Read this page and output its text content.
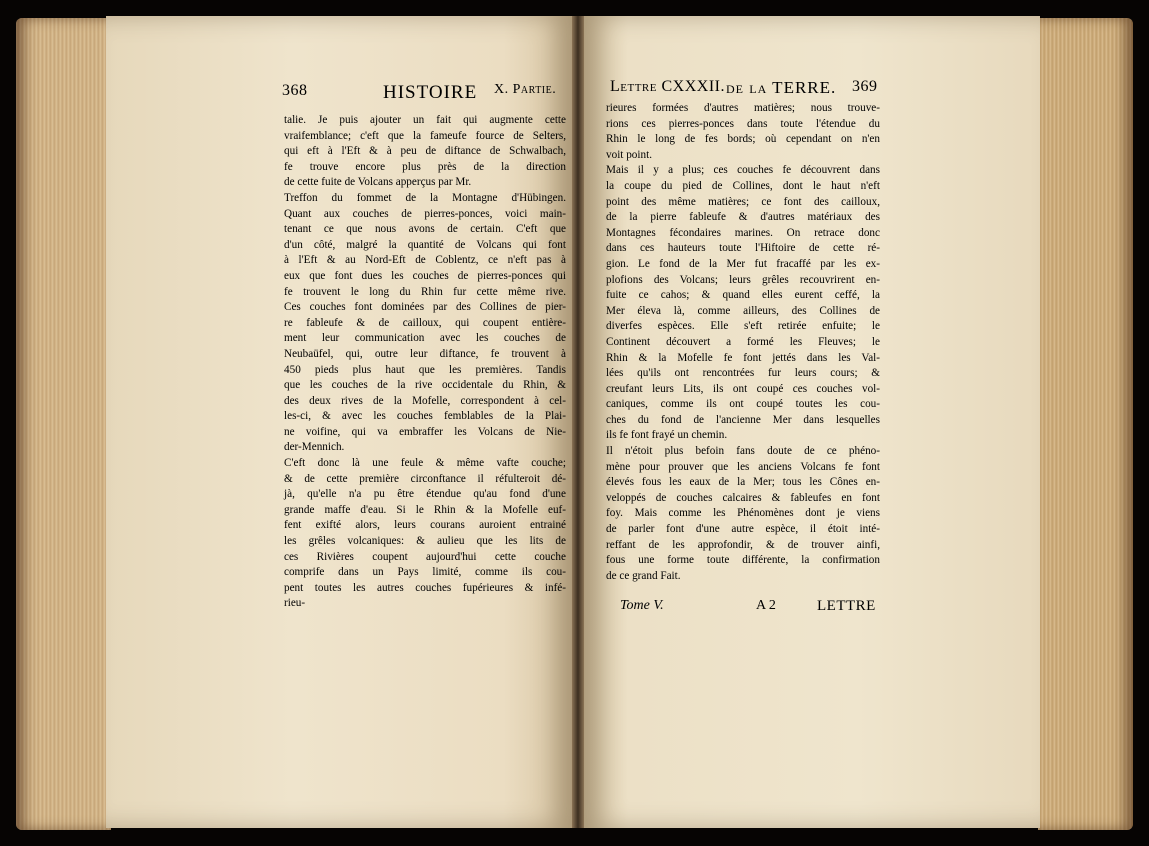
368	HISTOIRE X. Partie.

talie. Je puis ajouter un fait qui augmente cette

vraifemblance; c'eft que la fameufe fource de Selters,

qui eft à l'Eft & à peu de diftance de Schwalbach,

fe trouve encore plus près de la direction

de cette fuite de Volcans apperçus par Mr.

Treffon du fommet de la Montagne d'Hübingen.

Quant aux couches de pierres-ponces, voici main-

tenant ce que nous avons de certain. C'eft que

d'un côté, malgré la quantité de Volcans qui font

à l'Eft & au Nord-Eft de Coblentz, ce n'eft pas à

eux que font dues les couches de pierres-ponces qui

fe trouvent le long du Rhin fur cette même rive.

Ces couches font dominées par des Collines de pier-

re fableufe & de cailloux, qui coupent entière-

ment leur communication avec les couches de

Neubaüfel, qui, outre leur diftance, fe trouvent à

450 pieds plus haut que les premières. Tandis

que les couches de la rive occidentale du Rhin, &

des deux rives de la Mofelle, correspondent à cel-

les-ci, & avec les couches femblables de la Plai-

ne voifine, qui va embraffer les Volcans de Nie-

der-Mennich.

C'eft donc là une feule & même vafte couche;

& de cette première circonftance il réfulteroit dé-

jà, qu'elle n'a pu être étendue qu'au fond d'une

grande maffe d'eau. Si le Rhin & la Mofelle euf-

fent exifté alors, leurs courans auroient entrainé

les grêles volcaniques: & aulieu que les lits de

ces Rivières coupent aujourd'hui cette couche

comprife dans un Pays limité, comme ils cou-

pent toutes les autres couches fupérieures & infé-

rieu-

Lettre CXXXII. de la TERRE. 369

rieures formées d'autres matières; nous trouve-

rions ces pierres-ponces dans toute l'étendue du

Rhin le long de fes bords; où cependant on n'en

voit point.

Mais il y a plus; ces couches fe découvrent dans

la coupe du pied de Collines, dont le haut n'eft

point des même matières; ce font des cailloux,

de la pierre fableufe & d'autres matériaux des

Montagnes fécondaires marines. On retrace donc

dans ces hauteurs toute l'Hiftoire de cette ré-

gion. Le fond de la Mer fut fracaffé par les ex-

plofions des Volcans; leurs grêles recouvrirent en-

fuite ce cahos; & quand elles eurent ceffé, la

Mer éleva là, comme ailleurs, des Collines de

diverfes espèces. Elle s'eft retirée enfuite; le

Continent découvert a formé les Fleuves; le

Rhin & la Mofelle fe font jettés dans les Val-

lées qu'ils ont rencontrées fur leurs cours; &

creufant leurs Lits, ils ont coupé ces couches vol-

caniques, comme ils ont coupé toutes les cou-

ches du fond de l'ancienne Mer dans lesquelles

ils fe font frayé un chemin.

Il n'étoit plus befoin fans doute de ce phéno-

mène pour prouver que les anciens Volcans fe font

élevés fous les eaux de la Mer; tous les Cônes en-

veloppés de couches calcaires & fableufes en font

foy. Mais comme les Phénomènes dont je viens

de parler font d'une autre espèce, il étoit inté-

reffant de les approfondir, & de trouver ainfi,

fous une forme toute différente, la confirmation

de ce grand Fait.

Tome V.	A 2	LETTRE
